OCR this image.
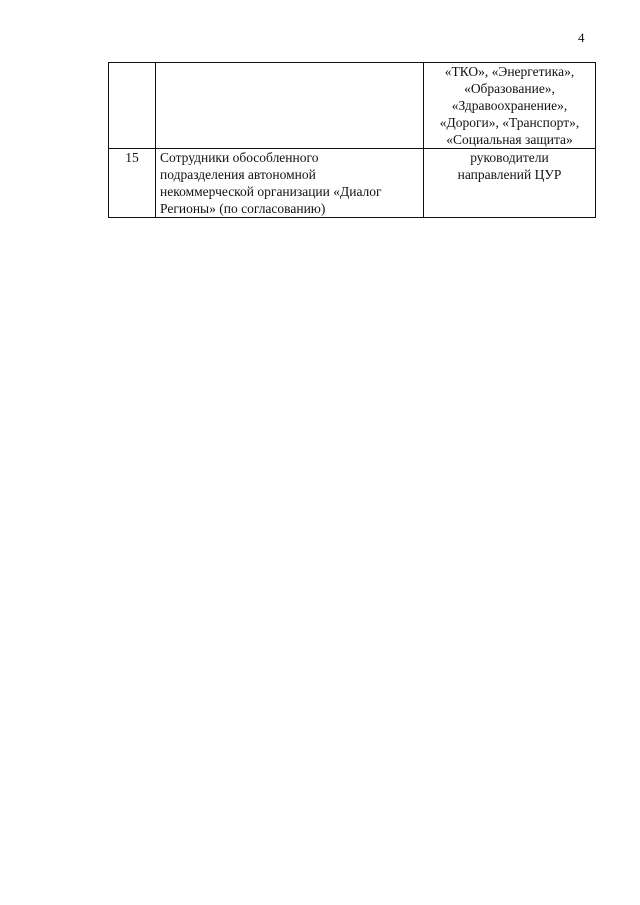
4

		«ТКО», «Энергетика»,
«Образование»,
«Здравоохранение»,
«Дороги», «Транспорт»,
«Социальная защита»

15	Сотрудники обособленного
подразделения автономной
некоммерческой организации «Диалог
Регионы» (по согласованию)	руководители
направлений ЦУР
